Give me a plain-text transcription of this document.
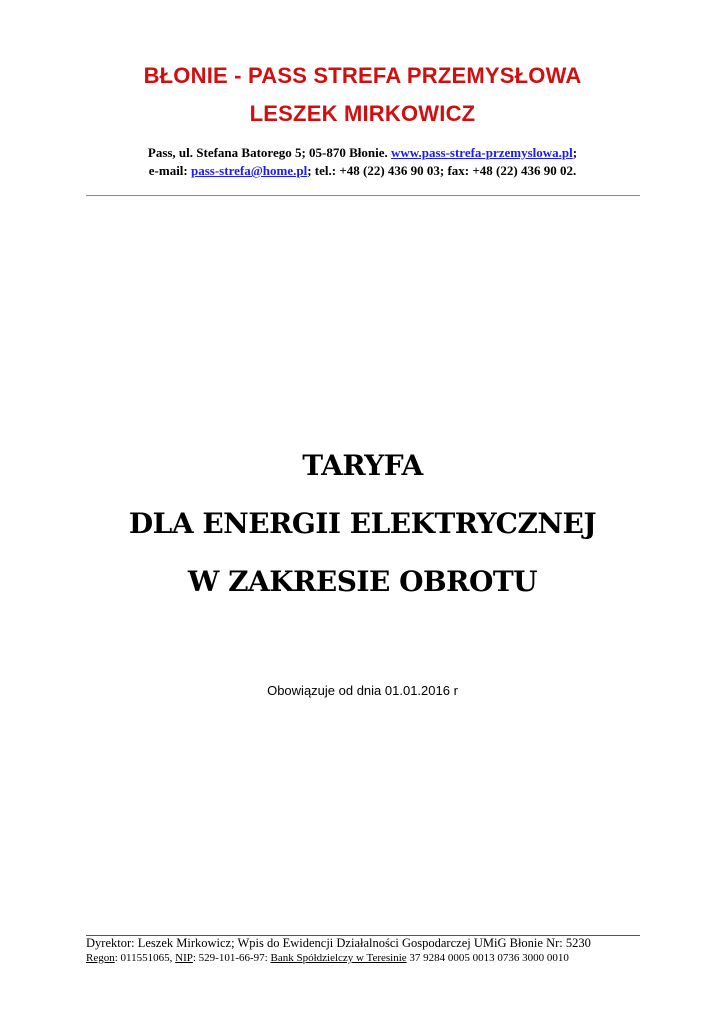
BŁONIE - PASS STREFA PRZEMYSŁOWA
LESZEK MIRKOWICZ
Pass, ul. Stefana Batorego 5; 05-870 Błonie. www.pass-strefa-przemyslowa.pl;
e-mail: pass-strefa@home.pl; tel.: +48 (22) 436 90 03; fax: +48 (22) 436 90 02.
TARYFA
DLA ENERGII ELEKTRYCZNEJ
W ZAKRESIE OBROTU
Obowiązuje od dnia 01.01.2016 r
Dyrektor: Leszek Mirkowicz; Wpis do Ewidencji Działalności Gospodarczej UMiG Błonie Nr: 5230
Regon: 011551065, NIP: 529-101-66-97: Bank Spółdzielczy w Teresinie 37 9284 0005 0013 0736 3000 0010
